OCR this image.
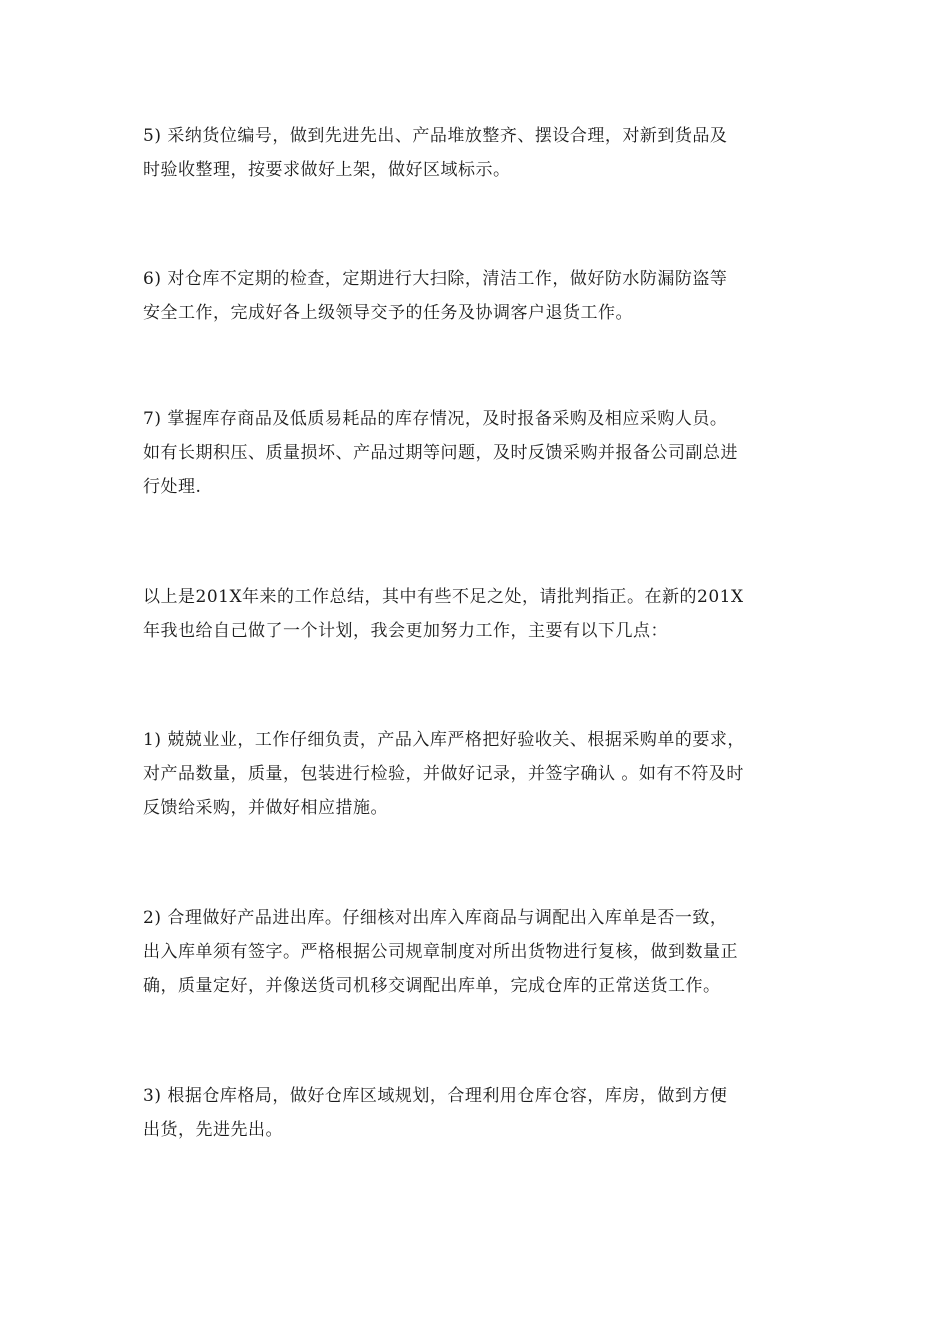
5) 采纳货位编号，做到先进先出、产品堆放整齐、摆设合理，对新到货品及
时验收整理，按要求做好上架，做好区域标示。

6) 对仓库不定期的检查，定期进行大扫除，清洁工作，做好防水防漏防盗等
安全工作，完成好各上级领导交予的任务及协调客户退货工作。

7) 掌握库存商品及低质易耗品的库存情况，及时报备采购及相应采购人员。
如有长期积压、质量损坏、产品过期等问题，及时反馈采购并报备公司副总进
行处理.

以上是201X年来的工作总结，其中有些不足之处，请批判指正。在新的201X
年我也给自己做了一个计划，我会更加努力工作，主要有以下几点：

1) 兢兢业业，工作仔细负责，产品入库严格把好验收关、根据采购单的要求，
对产品数量，质量，包装进行检验，并做好记录，并签字确认 。如有不符及时
反馈给采购，并做好相应措施。

2) 合理做好产品进出库。仔细核对出库入库商品与调配出入库单是否一致，
出入库单须有签字。严格根据公司规章制度对所出货物进行复核，做到数量正
确，质量定好，并像送货司机移交调配出库单，完成仓库的正常送货工作。

3) 根据仓库格局，做好仓库区域规划，合理利用仓库仓容，库房，做到方便
出货，先进先出。
